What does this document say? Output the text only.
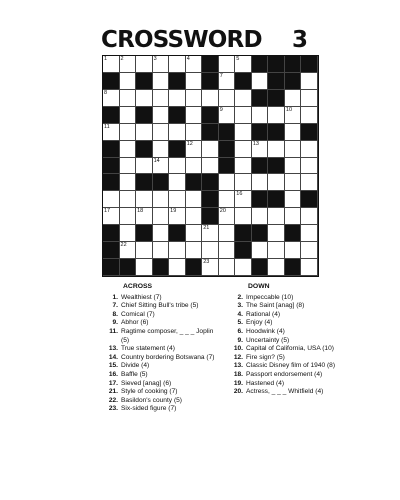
CROSSWORD 3
1 2	3	4	5
7
8
9	10
11
12	13
14
16
17	18	19	20
21
22
23
ACROSS
1. Wealthiest (7)
7. Chief Sitting Bull's tribe (5)
8. Comical (7)
9. Abhor (6)
11. Ragtime composer, _ _ _ Joplin (5)
13. True statement (4)
14. Country bordering Botswana (7)
15. Divide (4)
16. Baffle (5)
17. Sieved [anag] (6)
21. Style of cooking (7)
22. Basildon's county (5)
23. Six-sided figure (7)
DOWN
2. Impeccable (10)
3. The Saint [anag] (8)
4. Rational (4)
5. Enjoy (4)
6. Hoodwink (4)
9. Uncertainty (5)
10. Capital of California, USA (10)
12. Fire sign? (5)
13. Classic Disney film of 1940 (8)
18. Passport endorsement (4)
19. Hastened (4)
20. Actress, _ _ _ Whitfield (4)
